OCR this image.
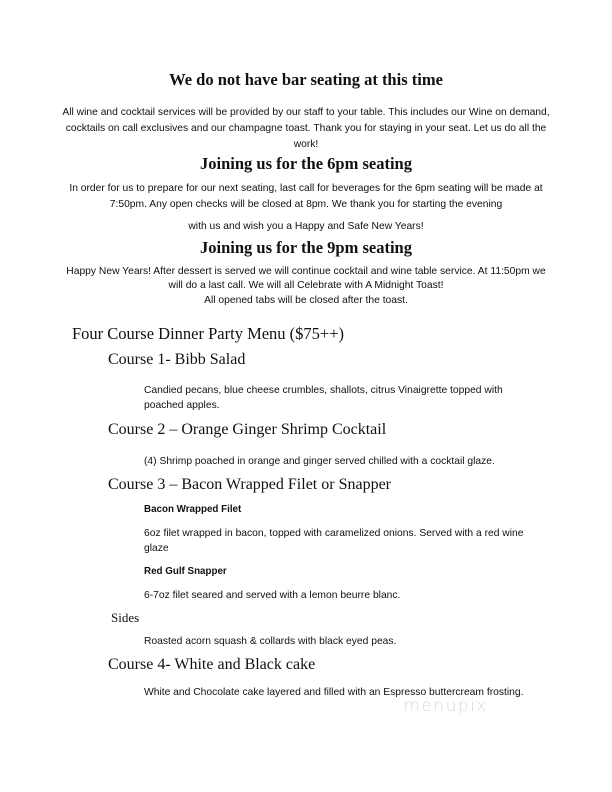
We do not have bar seating at this time

All wine and cocktail services will be provided by our staff to your table. This includes our Wine on demand, cocktails on call exclusives and our champagne toast. Thank you for staying in your seat. Let us do all the work!

Joining us for the 6pm seating

In order for us to prepare for our next seating, last call for beverages for the 6pm seating will be made at 7:50pm. Any open checks will be closed at 8pm. We thank you for starting the evening

with us and wish you a Happy and Safe New Years!

Joining us for the 9pm seating

Happy New Years! After dessert is served we will continue cocktail and wine table service. At 11:50pm we will do a last call. We will all Celebrate with A Midnight Toast!

All opened tabs will be closed after the toast.

Four Course Dinner Party Menu ($75++)
Course 1- Bibb Salad

Candied pecans, blue cheese crumbles, shallots, citrus Vinaigrette topped with poached apples.

Course 2 – Orange Ginger Shrimp Cocktail

(4) Shrimp poached in orange and ginger served chilled with a cocktail glaze.

Course 3 – Bacon Wrapped Filet or Snapper

Bacon Wrapped Filet

6oz filet wrapped in bacon, topped with caramelized onions. Served with a red wine glaze

Red Gulf Snapper

6-7oz filet seared and served with a lemon beurre blanc.

Sides

Roasted acorn squash & collards with black eyed peas.

Course 4- White and Black cake

White and Chocolate cake layered and filled with an Espresso buttercream frosting.

menupix
